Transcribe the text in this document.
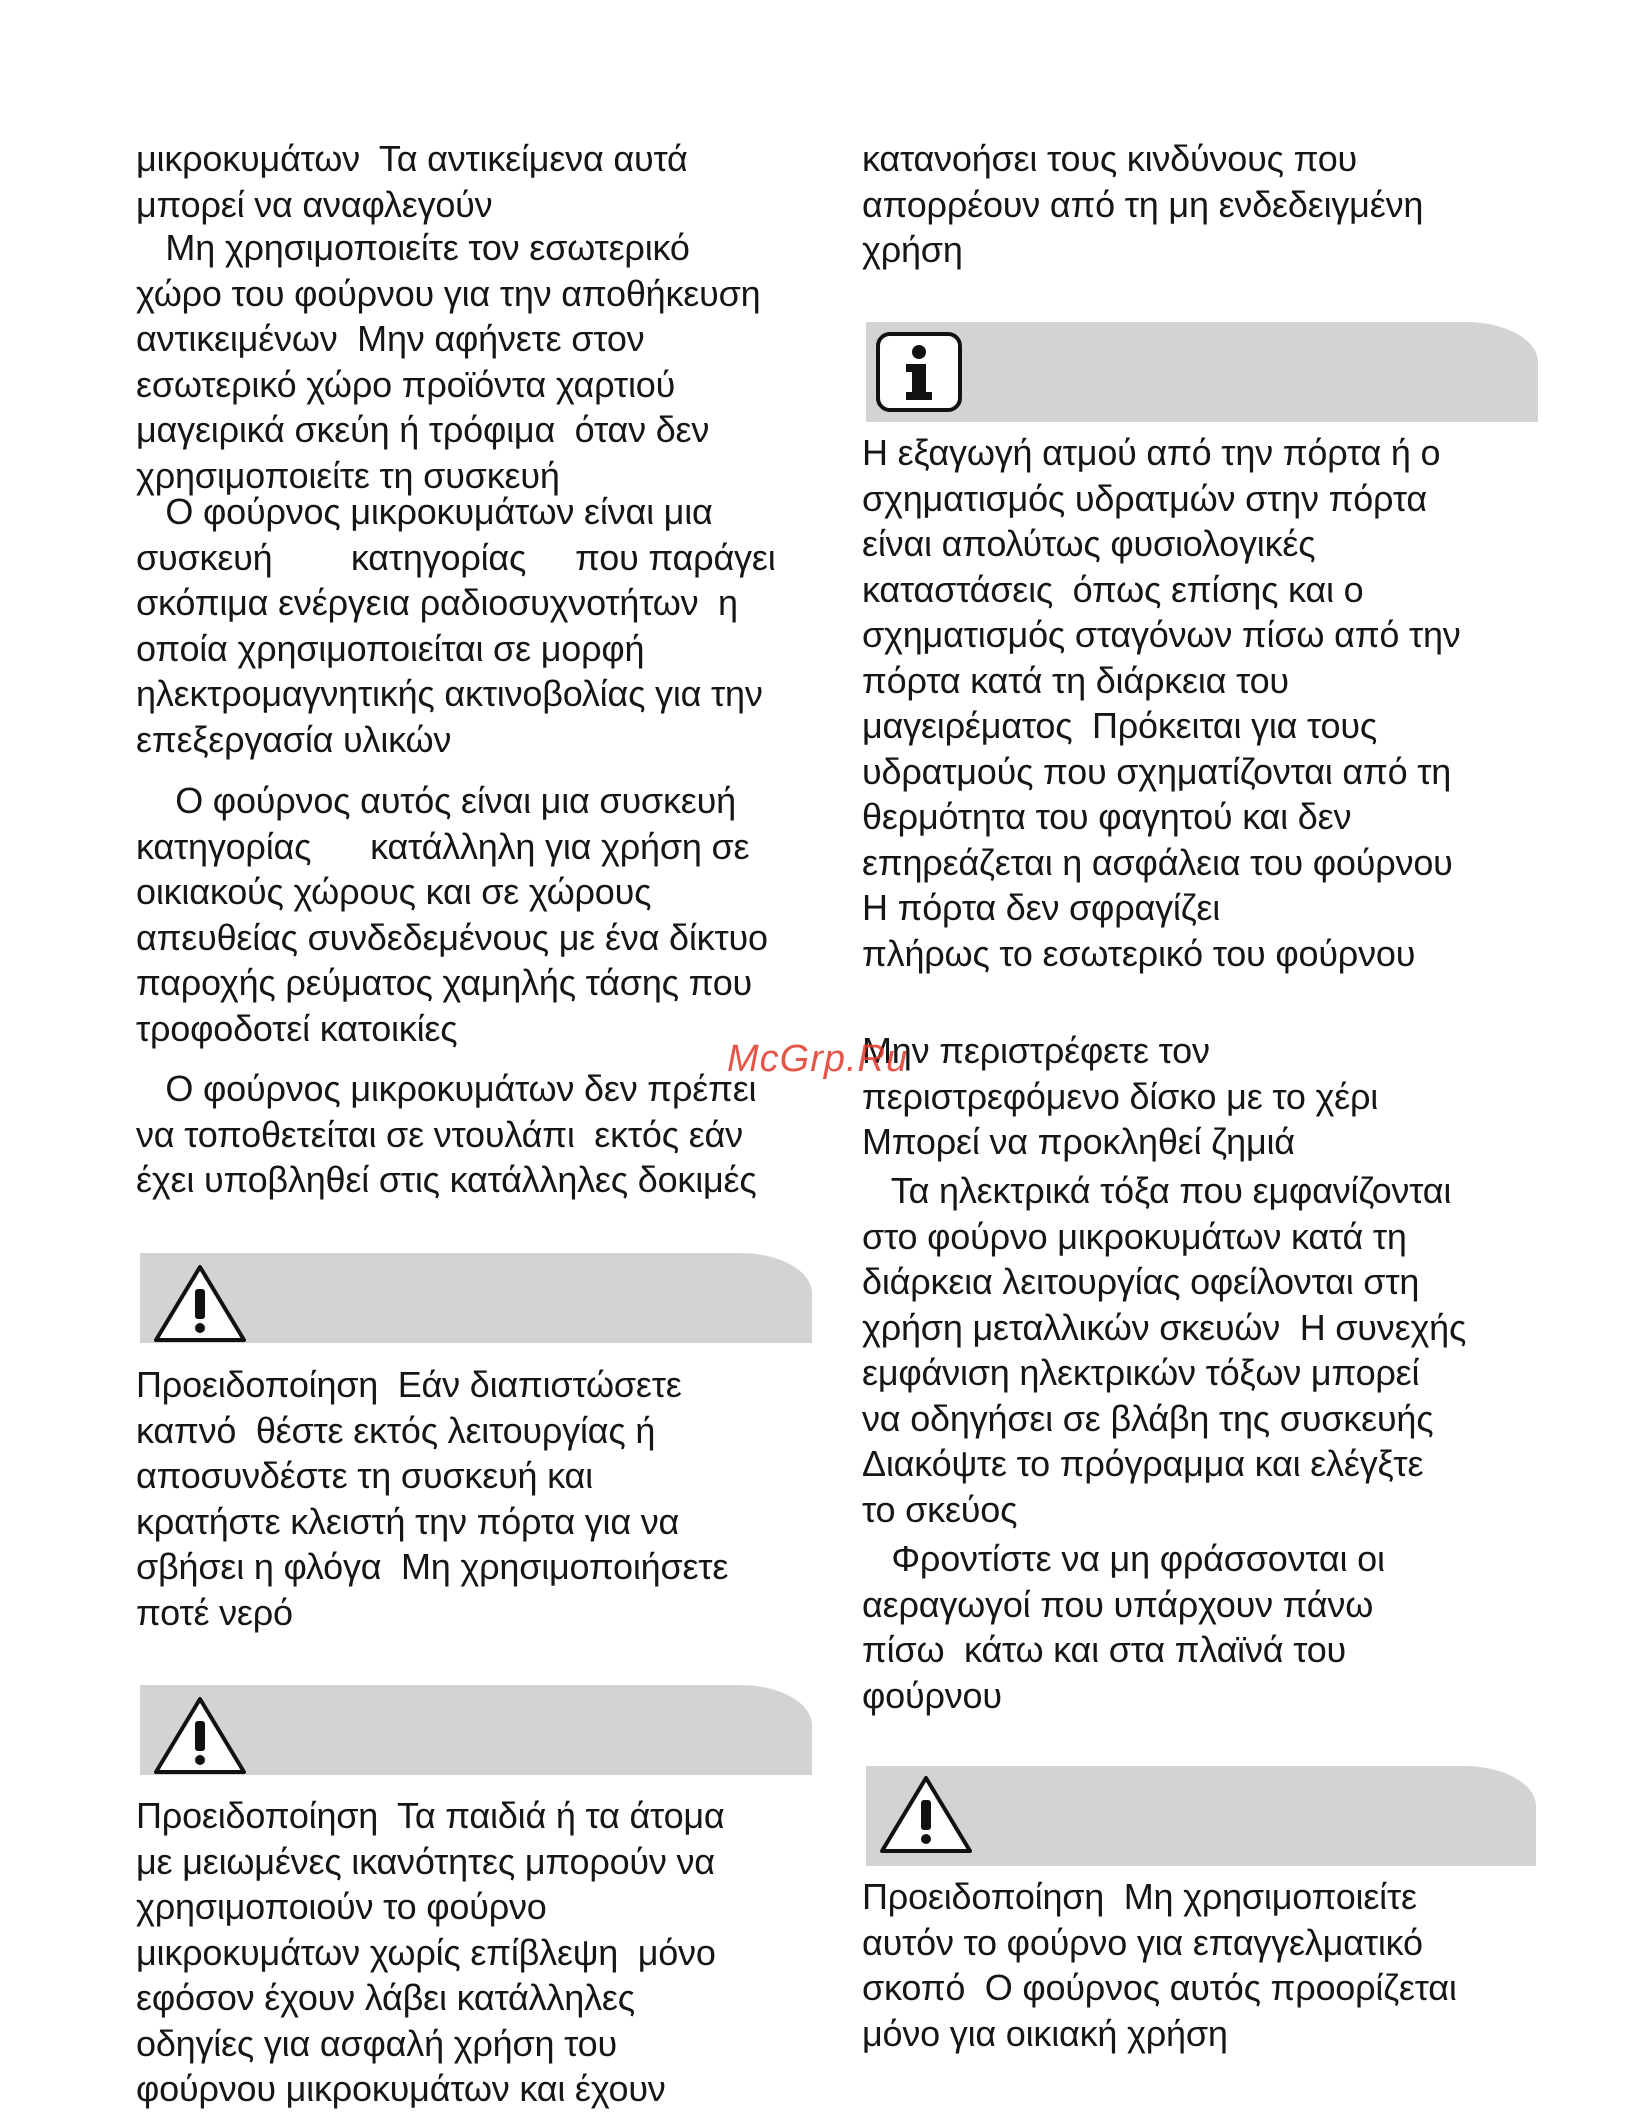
μικροκυμάτων  Τα αντικείμενα αυτά
μπορεί να αναφλεγούν

Μη χρησιμοποιείτε τον εσωτερικό
χώρο του φούρνου για την αποθήκευση
αντικειμένων  Μην αφήνετε στον
εσωτερικό χώρο προϊόντα χαρτιού
μαγειρικά σκεύη ή τρόφιμα  όταν δεν
χρησιμοποιείτε τη συσκευή

Ο φούρνος μικροκυμάτων είναι μια
συσκευή        κατηγορίας     που παράγει
σκόπιμα ενέργεια ραδιοσυχνοτήτων  η
οποία χρησιμοποιείται σε μορφή
ηλεκτρομαγνητικής ακτινοβολίας για την
επεξεργασία υλικών

Ο φούρνος αυτός είναι μια συσκευή
κατηγορίας      κατάλληλη για χρήση σε
οικιακούς χώρους και σε χώρους
απευθείας συνδεδεμένους με ένα δίκτυο
παροχής ρεύματος χαμηλής τάσης που
τροφοδοτεί κατοικίες

Ο φούρνος μικροκυμάτων δεν πρέπει
να τοποθετείται σε ντουλάπι  εκτός εάν
έχει υποβληθεί στις κατάλληλες δοκιμές

Προειδοποίηση  Εάν διαπιστώσετε
καπνό  θέστε εκτός λειτουργίας ή
αποσυνδέστε τη συσκευή και
κρατήστε κλειστή την πόρτα για να
σβήσει η φλόγα  Μη χρησιμοποιήσετε
ποτέ νερό

Προειδοποίηση  Τα παιδιά ή τα άτομα
με μειωμένες ικανότητες μπορούν να
χρησιμοποιούν το φούρνο
μικροκυμάτων χωρίς επίβλεψη  μόνο
εφόσον έχουν λάβει κατάλληλες
οδηγίες για ασφαλή χρήση του
φούρνου μικροκυμάτων και έχουν

κατανοήσει τους κινδύνους που
απορρέουν από τη μη ενδεδειγμένη
χρήση

Η εξαγωγή ατμού από την πόρτα ή ο
σχηματισμός υδρατμών στην πόρτα
είναι απολύτως φυσιολογικές
καταστάσεις  όπως επίσης και ο
σχηματισμός σταγόνων πίσω από την
πόρτα κατά τη διάρκεια του
μαγειρέματος  Πρόκειται για τους
υδρατμούς που σχηματίζονται από τη
θερμότητα του φαγητού και δεν
επηρεάζεται η ασφάλεια του φούρνου
Η πόρτα δεν σφραγίζει
πλήρως το εσωτερικό του φούρνου

Μην περιστρέφετε τον
περιστρεφόμενο δίσκο με το χέρι
Μπορεί να προκληθεί ζημιά

Τα ηλεκτρικά τόξα που εμφανίζονται
στο φούρνο μικροκυμάτων κατά τη
διάρκεια λειτουργίας οφείλονται στη
χρήση μεταλλικών σκευών  Η συνεχής
εμφάνιση ηλεκτρικών τόξων μπορεί
να οδηγήσει σε βλάβη της συσκευής
Διακόψτε το πρόγραμμα και ελέγξτε
το σκεύος

Φροντίστε να μη φράσσονται οι
αεραγωγοί που υπάρχουν πάνω
πίσω  κάτω και στα πλαϊνά του
φούρνου

Προειδοποίηση  Μη χρησιμοποιείτε
αυτόν το φούρνο για επαγγελματικό
σκοπό  Ο φούρνος αυτός προορίζεται
μόνο για οικιακή χρήση

McGrp.Ru
